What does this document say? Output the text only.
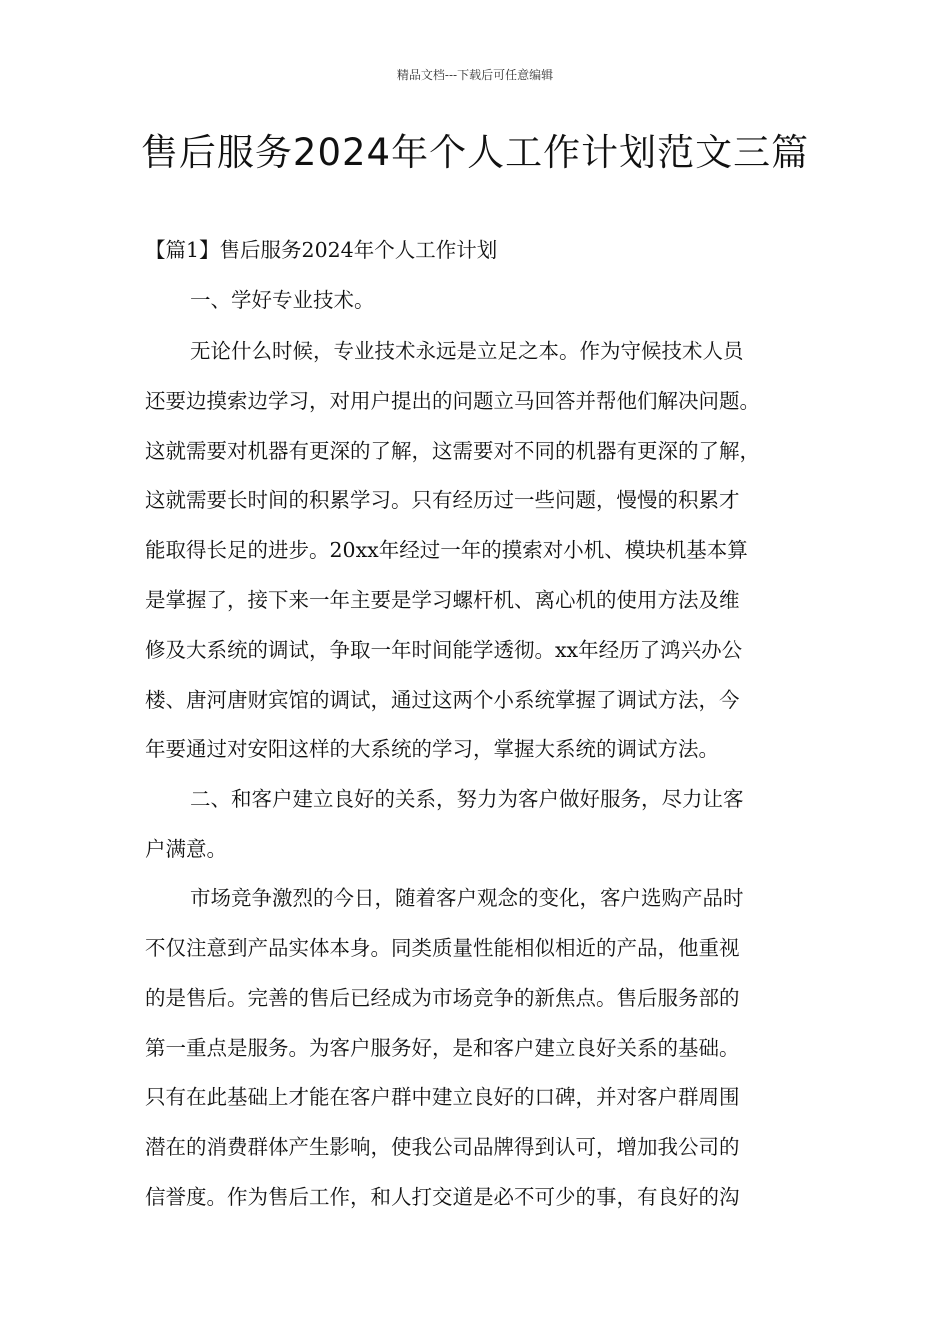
精品文档---下载后可任意编辑
售后服务2024年个人工作计划范文三篇
【篇1】售后服务2024年个人工作计划
一、学好专业技术。
无论什么时候，专业技术永远是立足之本。作为守候技术人员
还要边摸索边学习，对用户提出的问题立马回答并帮他们解决问题。
这就需要对机器有更深的了解，这需要对不同的机器有更深的了解，
这就需要长时间的积累学习。只有经历过一些问题，慢慢的积累才
能取得长足的进步。20xx年经过一年的摸索对小机、模块机基本算
是掌握了，接下来一年主要是学习螺杆机、离心机的使用方法及维
修及大系统的调试，争取一年时间能学透彻。xx年经历了鸿兴办公
楼、唐河唐财宾馆的调试，通过这两个小系统掌握了调试方法，今
年要通过对安阳这样的大系统的学习，掌握大系统的调试方法。
二、和客户建立良好的关系，努力为客户做好服务，尽力让客
户满意。
市场竞争激烈的今日，随着客户观念的变化，客户选购产品时
不仅注意到产品实体本身。同类质量性能相似相近的产品，他重视
的是售后。完善的售后已经成为市场竞争的新焦点。售后服务部的
第一重点是服务。为客户服务好，是和客户建立良好关系的基础。
只有在此基础上才能在客户群中建立良好的口碑，并对客户群周围
潜在的消费群体产生影响，使我公司品牌得到认可，增加我公司的
信誉度。作为售后工作，和人打交道是必不可少的事，有良好的沟
